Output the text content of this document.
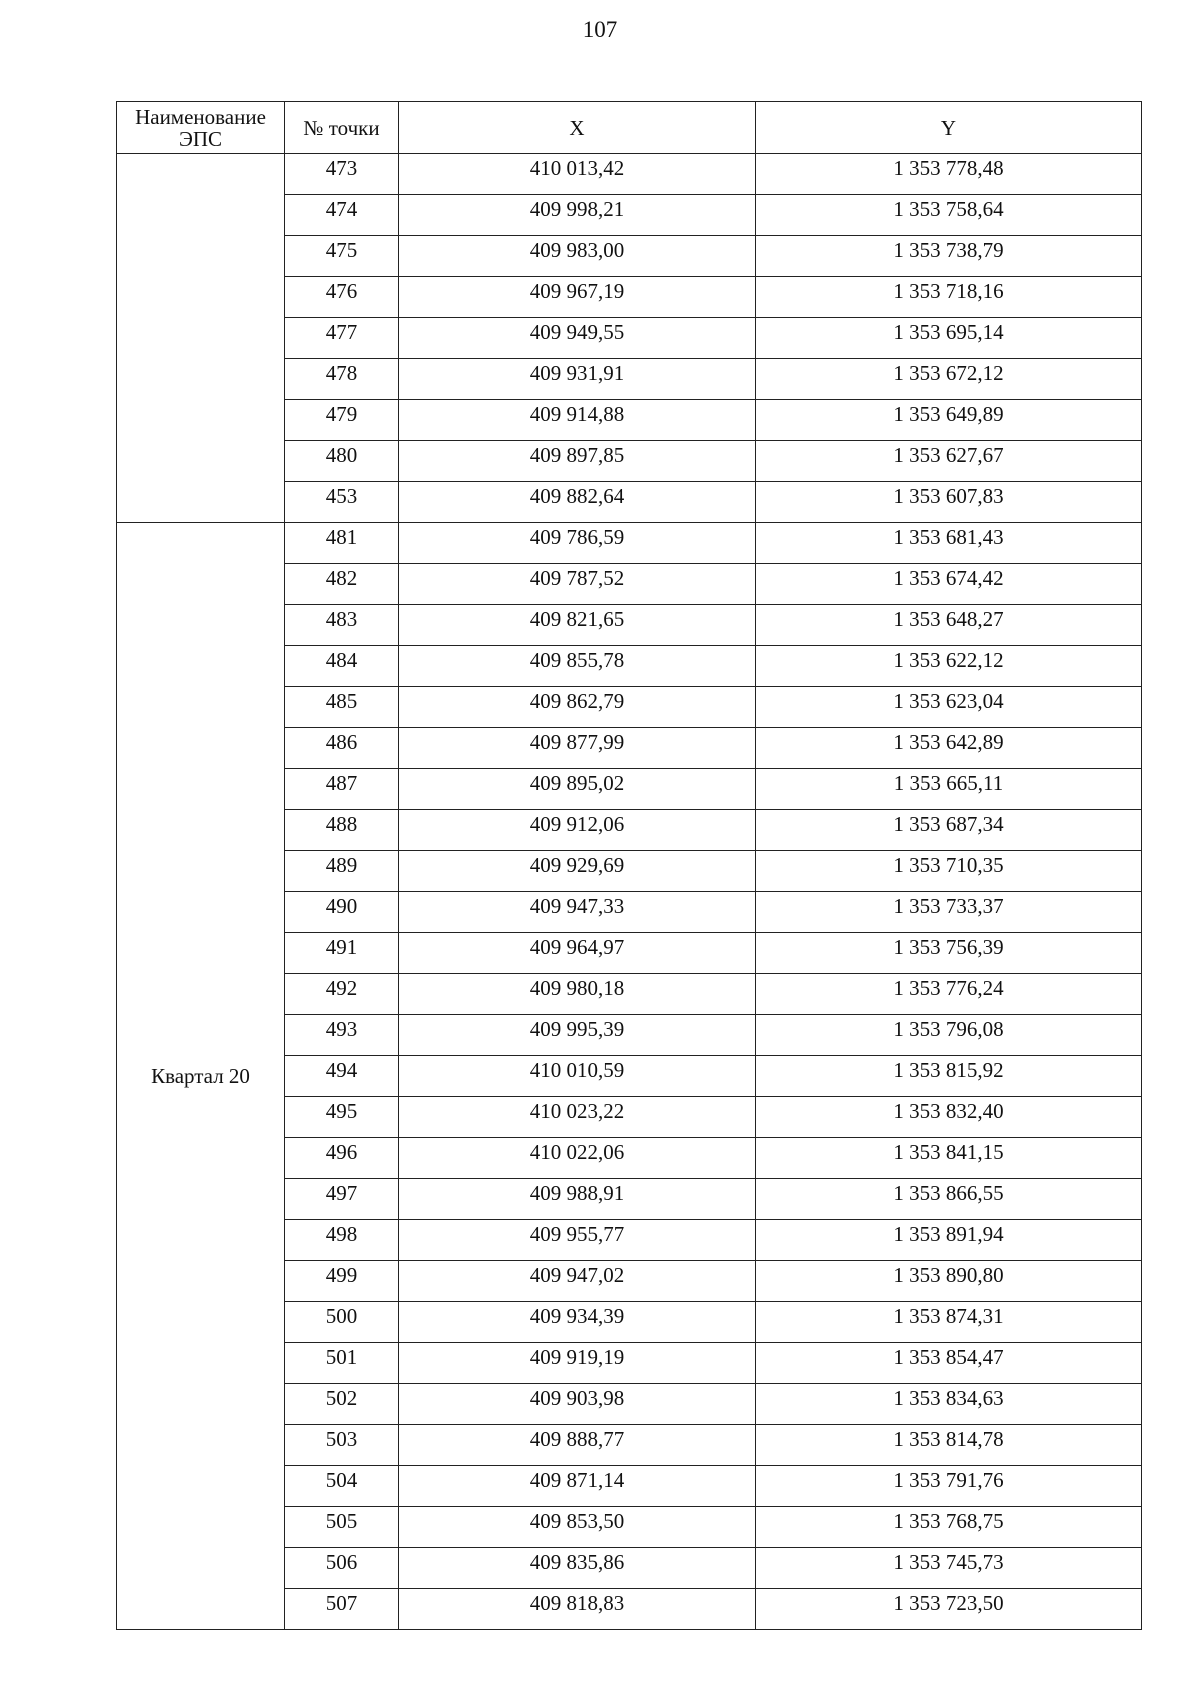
107
Наименование ЭПС	№ точки	X	Y
	473	410 013,42	1 353 778,48
	474	409 998,21	1 353 758,64
	475	409 983,00	1 353 738,79
	476	409 967,19	1 353 718,16
	477	409 949,55	1 353 695,14
	478	409 931,91	1 353 672,12
	479	409 914,88	1 353 649,89
	480	409 897,85	1 353 627,67
	453	409 882,64	1 353 607,83
Квартал 20	481	409 786,59	1 353 681,43
	482	409 787,52	1 353 674,42
	483	409 821,65	1 353 648,27
	484	409 855,78	1 353 622,12
	485	409 862,79	1 353 623,04
	486	409 877,99	1 353 642,89
	487	409 895,02	1 353 665,11
	488	409 912,06	1 353 687,34
	489	409 929,69	1 353 710,35
	490	409 947,33	1 353 733,37
	491	409 964,97	1 353 756,39
	492	409 980,18	1 353 776,24
	493	409 995,39	1 353 796,08
	494	410 010,59	1 353 815,92
	495	410 023,22	1 353 832,40
	496	410 022,06	1 353 841,15
	497	409 988,91	1 353 866,55
	498	409 955,77	1 353 891,94
	499	409 947,02	1 353 890,80
	500	409 934,39	1 353 874,31
	501	409 919,19	1 353 854,47
	502	409 903,98	1 353 834,63
	503	409 888,77	1 353 814,78
	504	409 871,14	1 353 791,76
	505	409 853,50	1 353 768,75
	506	409 835,86	1 353 745,73
	507	409 818,83	1 353 723,50
